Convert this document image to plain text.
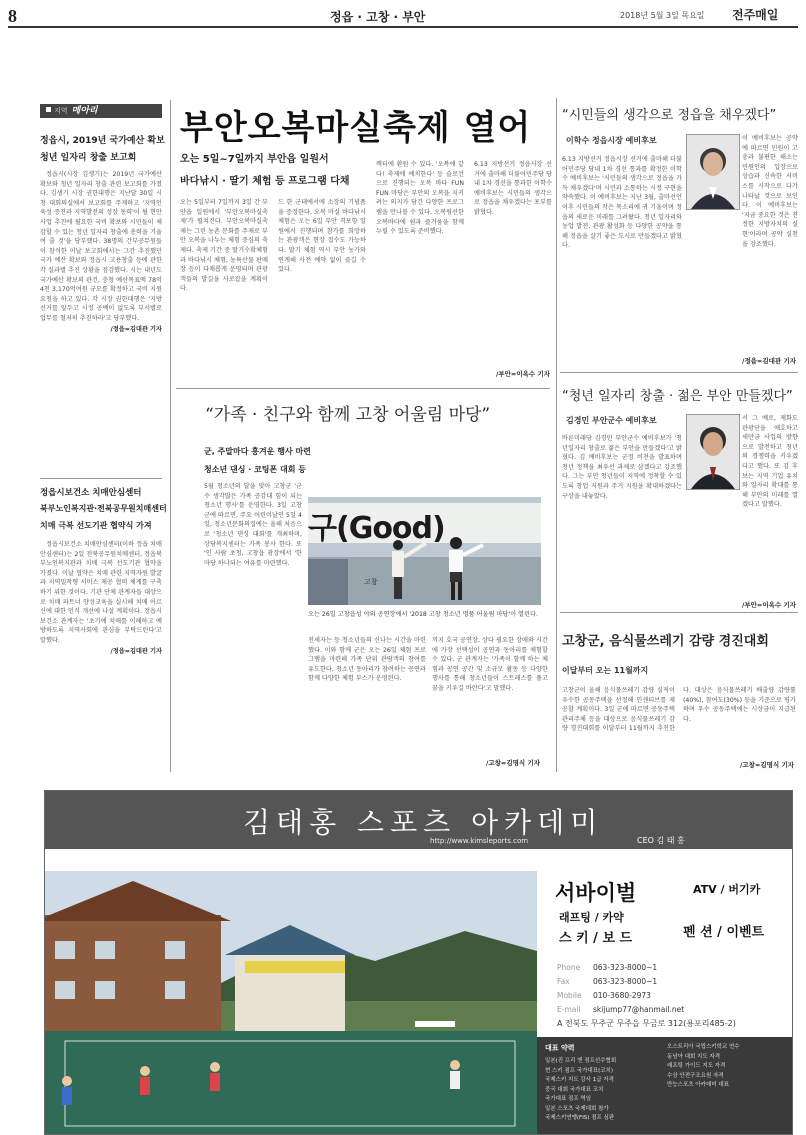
8	정읍 · 고창 · 부안	2018년 5월 3일 목요일 전주매일
지역 메아리
정읍시, 2019년 국가예산 확보
청년 일자리 창출 보고회

정읍시(시장 김생기)는 2019년 국가예산 확보와 청년 일자리 창출 관련 보고회를 가졌다. 김생기 시장 권한대행은 지난달 30일 시청 대회의실에서 보고회를 주재하고 '지역인 육성 증진과 지역발전의 성장 동력'이 될 현안사업 추진에 필요한 국비 확보와 시민들이 체감할 수 있는 청년 일자리 창출에 총력을 기울여 줄 것'을 당부했다. 38명의 간부공무원들이 참석한 이날 보고회에서는 그간 추진했던 국가 예산 확보와 정읍시 고용창출 등에 관한 각 실과별 추진 상황을 점검했다. 시는 내년도 국가예산 확보의 관건, 충청 예산목표액 78억 4천 3,170억여원 규모를 확정하고 국비 지원 요청을 하고 있다. 각 시장 권한대행은 '지방 선거를 앞두고 시정 공백이 없도록 부서별로 업무를 철저히 추진하라'고 당부했다.

/정읍=김대관 기자

정읍시보건소 치매안심센터
북부노인복지관·전북공무원치매센터
치매 극복 선도기관 협약식 가져

정읍시보건소 치매안심센터(이하 정읍 치매안심센터)는 2일 전북공무원치매센터, 정읍북부노인복지관과 치매 극복 선도기관 협약을 가졌다. 이날 협약은 치매 관련 지역자원 발굴과 지역밀착형 서비스 제공 협력 체계를 구축하기 위한 것이다. 기관 단체 관계자들 대상으로 치매 파트너 양성교육을 실시해 치매 어르신에 대한 인식 개선에 나설 계획이다. 정읍시보건소 관계자는 '초기에 치매를 이해하고 예방하도록 지역사회에 관심을 부탁드린다'고 말했다.

/정읍=김대관 기자

부안오복마실축제 열어
오는 5일~7일까지 부안읍 일원서
바다낚시 · 딸기 체험 등 프로그램 다채
오는 5일부터 7일까지 3일 간 부안읍 일원에서 '부안오복마실축제'가 펼쳐진다. 부안오복마실축제는 그린 농촌 문화를 주제로 부안 오복을 나누는 체험 중심의 축제다. 축제 기간 중 딸기수확체험과 바다낚시 체험, 농특산물 판매장 등이 다채롭게 운영되며 관광객들의 발길을 사로잡을 계획이다.
드 한 군데에서에 소장의 기념품을 증정한다. 오복 마실 바다낚시체험은 오는 6일 부안 격포항 일원에서 진행되며 참가를 희망하는 관광객은 현장 접수도 가능하다. 딸기 체험 역시 부안 농가와 연계해 사전 예약 없이 즐길 수 있다.
렉터에 환원 수 있다. '오복에 같다! 축제에 예치한다' 등 슬로건으로 진행되는 오복 바다 FUN FUN 마당은 부안의 오복을 지키려는 의지가 담긴 다양한 프로그램을 만나볼 수 있다. 오복평선한 오복바다에 쉼과 즐거움을 함께 누릴 수 있도록 준비했다.
6.13 지방선거 정읍시장 선거에 출마해 더불어민주당 당내 1차 경선을 통과한 이학수 예비후보는 시민들의 생각으로 정읍을 채우겠다는 포부를 밝혔다.
/부안=이옥수 기자
“시민들의 생각으로 정읍을 채우겠다”
이학수 정읍시장 예비후보
6.13 지방선거 정읍시장 선거에 출마해 더불어민주당 당내 1차 경선 통과를 확정한 이학수 예비후보는 '시민들의 생각으로 정읍을 가득 채우겠다'며 시민과 소통하는 시정 구현을 약속했다. 이 예비후보는 지난 3월, 출마선언 이후 시민들의 작은 목소리에 귀 기울이며 정읍의 새로운 미래를 그려왔다. 청년 일자리와 농업 발전, 관광 활성화 등 다양한 공약을 통해 정읍을 살기 좋은 도시로 만들겠다고 밝혔다.
이 예비후보는 공약에 따르면 민원이 고충과 불편한 해소는 민원인의 입장으로 상습과 신속한 서비스를 시작으로 다가 나타날 것으로 보인다. 이 예비후보는 '지금 중요한 것은 진정한 지방자치의 실현'이라며 공약 실천을 강조했다.
/정읍=김대관 기자
“청년 일자리 창출 · 젊은 부안 만들겠다”
김경민 부안군수 예비후보
바른미래당 김경민 부안군수 예비후보가 '청년일자리 창출로 젊은 부안을 만들겠다'고 밝혔다. 김 예비후보는 군정 비전을 발표하며 청년 정책을 최우선 과제로 삼겠다고 강조했다. 그는 부안 청년들이 지역에 정착할 수 있도록 창업 지원과 주거 지원을 확대하겠다는 구상을 내놓았다.
서 그 예로, 제화도 관광단을 애호하고 새만금 사업의 방향으로 발전하고 청년의 경쟁력을 키우겠다고 했다. 또 김 후보는 지역 기업 유치와 일자리 확대를 통해 부안의 미래를 열겠다고 말했다.
/부안=이옥수 기자
고창군, 음식물쓰레기 감량 경진대회
이달부터 오는 11월까지
고창군이 올해 음식물쓰레기 감량 실적이 우수한 공동주택을 선정해 인센티브를 제공할 계획이다. 3일 군에 따르면 공동주택 관리주체 등을 대상으로 음식물쓰레기 감량 경진대회를 이달부터 11월까지 추진한다. 대상은 음식물쓰레기 배출량 감량률(40%), 참여도(30%) 등을 기준으로 평가하며 우수 공동주택에는 시상금이 지급된다.
/고창=김명식 기자
“가족 · 친구와 함께 고창 어울림 마당”
군, 주말마다 흥겨운 행사 마련
청소년 댄싱 · 코팅폰 대회 등
5월 청소년의 달을 맞아 고창군 '군수 생각많은 가족 공감대 힘이 되는 청소년 행사'를 운영한다. 3일 고창군에 따르면, 주요 어린이날인 5일 4일, 청소년문화의집에는 올해 처음으로 '청소년 댄싱 대회'를 개최하며, 상담복지센터는 가족 봉사 한다. 또 '인 사람 초청, 고창읍 광장에서 '한마당 하나되는 여유를 마련했다.
구(Good)
고창
오는 26일 고창읍성 야외 공연장에서 '2018 고창 청소년 명품 어울림 마당'이 열린다.
전세자는 등 청소년들의 신나는 시간을 마련했다. 이와 함께 군은 오는 26일 체험 프로그램을 마련해 가족 단위 관람객의 참여를 유도한다. 청소년 동아리가 참여하는 공연과 함께 다양한 체험 부스가 운영된다.
끼지 호국 공연장, 상다 필요한 장애와 시간에 가장 선택성이 공연과 동아리를 체험할 수 있다. 군 관계자는 '가족이 함께 하는 체험과 공연 공간 및 소규모 활동 등 다양한 행사를 통해 청소년들이 스트레스를 풀고 꿈을 키우길 바란다'고 말했다.
/고창=김명식 기자
김태홍 스포츠 아카데미
http://www.kimsleports.com	CEO 김 태 홍
서바이벌
래프팅 / 카약
스 키 / 보 드
ATV / 버기카
펜 션 / 이벤트
Phone 063-323-8000~1
Fax	063-323-8000~1
Mobile 010-3680-2973
E-mail skijump77@hanmail.net
A 전북도 무주군 무주읍 무금로 312(용포리485-2)
대표 약력
일본(진 프리 엔 점프선수협회
현 스키 점프 국가대표(코치)
국제스키 지도 강사 1급 자격
중국 대회 국가대표 코치
국가대표 점프 역임
일본 스포츠 국제대회 참가
국제스키연맹(FIS) 점프 심판
오스트리아 국립스키학교 연수
동남아 대회 지도 자격
래프팅 가이드 지도 자격
수상 안전구조요원 자격
만능스포츠 아카데미 대표
